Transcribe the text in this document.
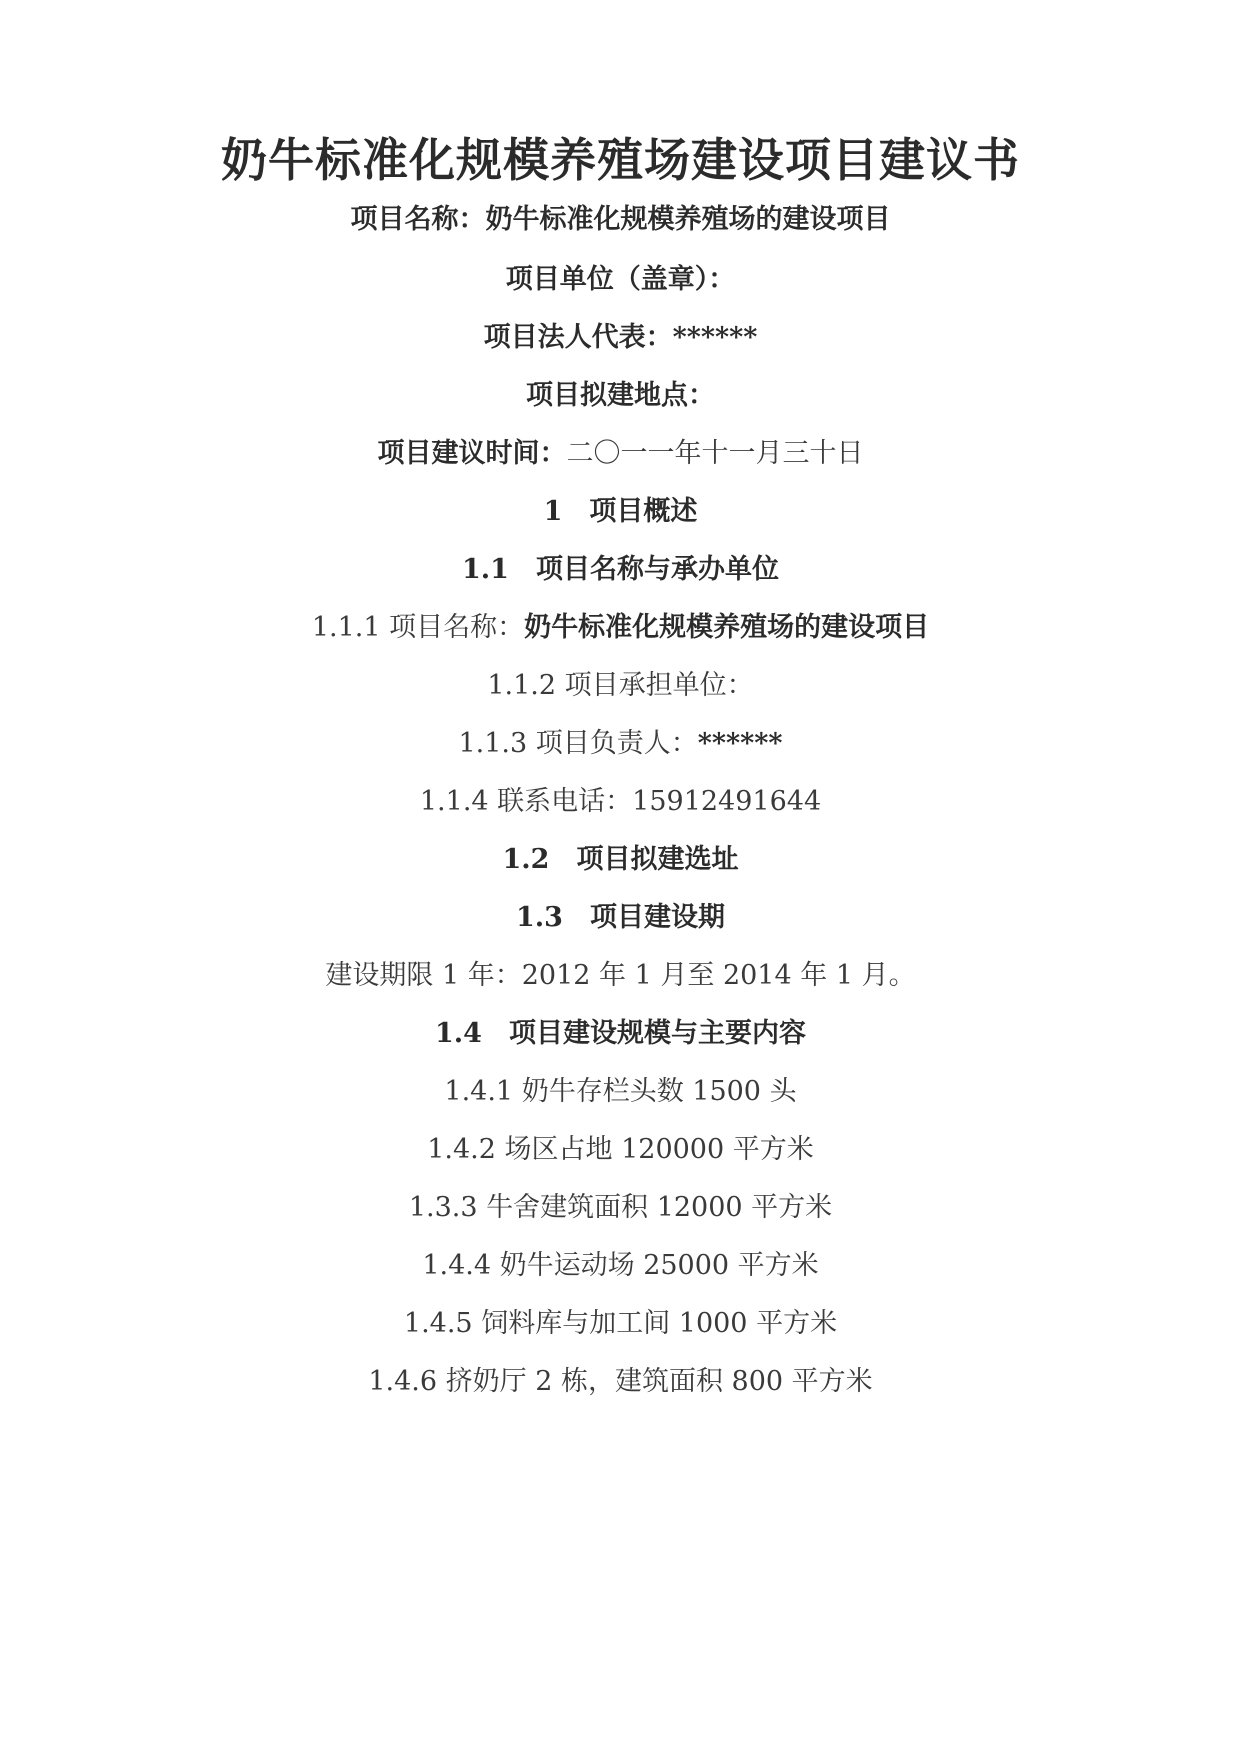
奶牛标准化规模养殖场建设项目建议书
项目名称：奶牛标准化规模养殖场的建设项目
项目单位（盖章）：
项目法人代表：******
项目拟建地点：
项目建议时间：二〇一一年十一月三十日
1　项目概述
1.1　项目名称与承办单位
1.1.1 项目名称：奶牛标准化规模养殖场的建设项目
1.1.2 项目承担单位：
1.1.3 项目负责人：******
1.1.4 联系电话：15912491644
1.2　项目拟建选址
1.3　项目建设期
建设期限 1 年：2012 年 1 月至 2014 年 1 月。
1.4　项目建设规模与主要内容
1.4.1 奶牛存栏头数 1500 头
1.4.2 场区占地 120000 平方米
1.3.3 牛舍建筑面积 12000 平方米
1.4.4 奶牛运动场 25000 平方米
1.4.5 饲料库与加工间 1000 平方米
1.4.6 挤奶厅 2 栋，建筑面积 800 平方米
